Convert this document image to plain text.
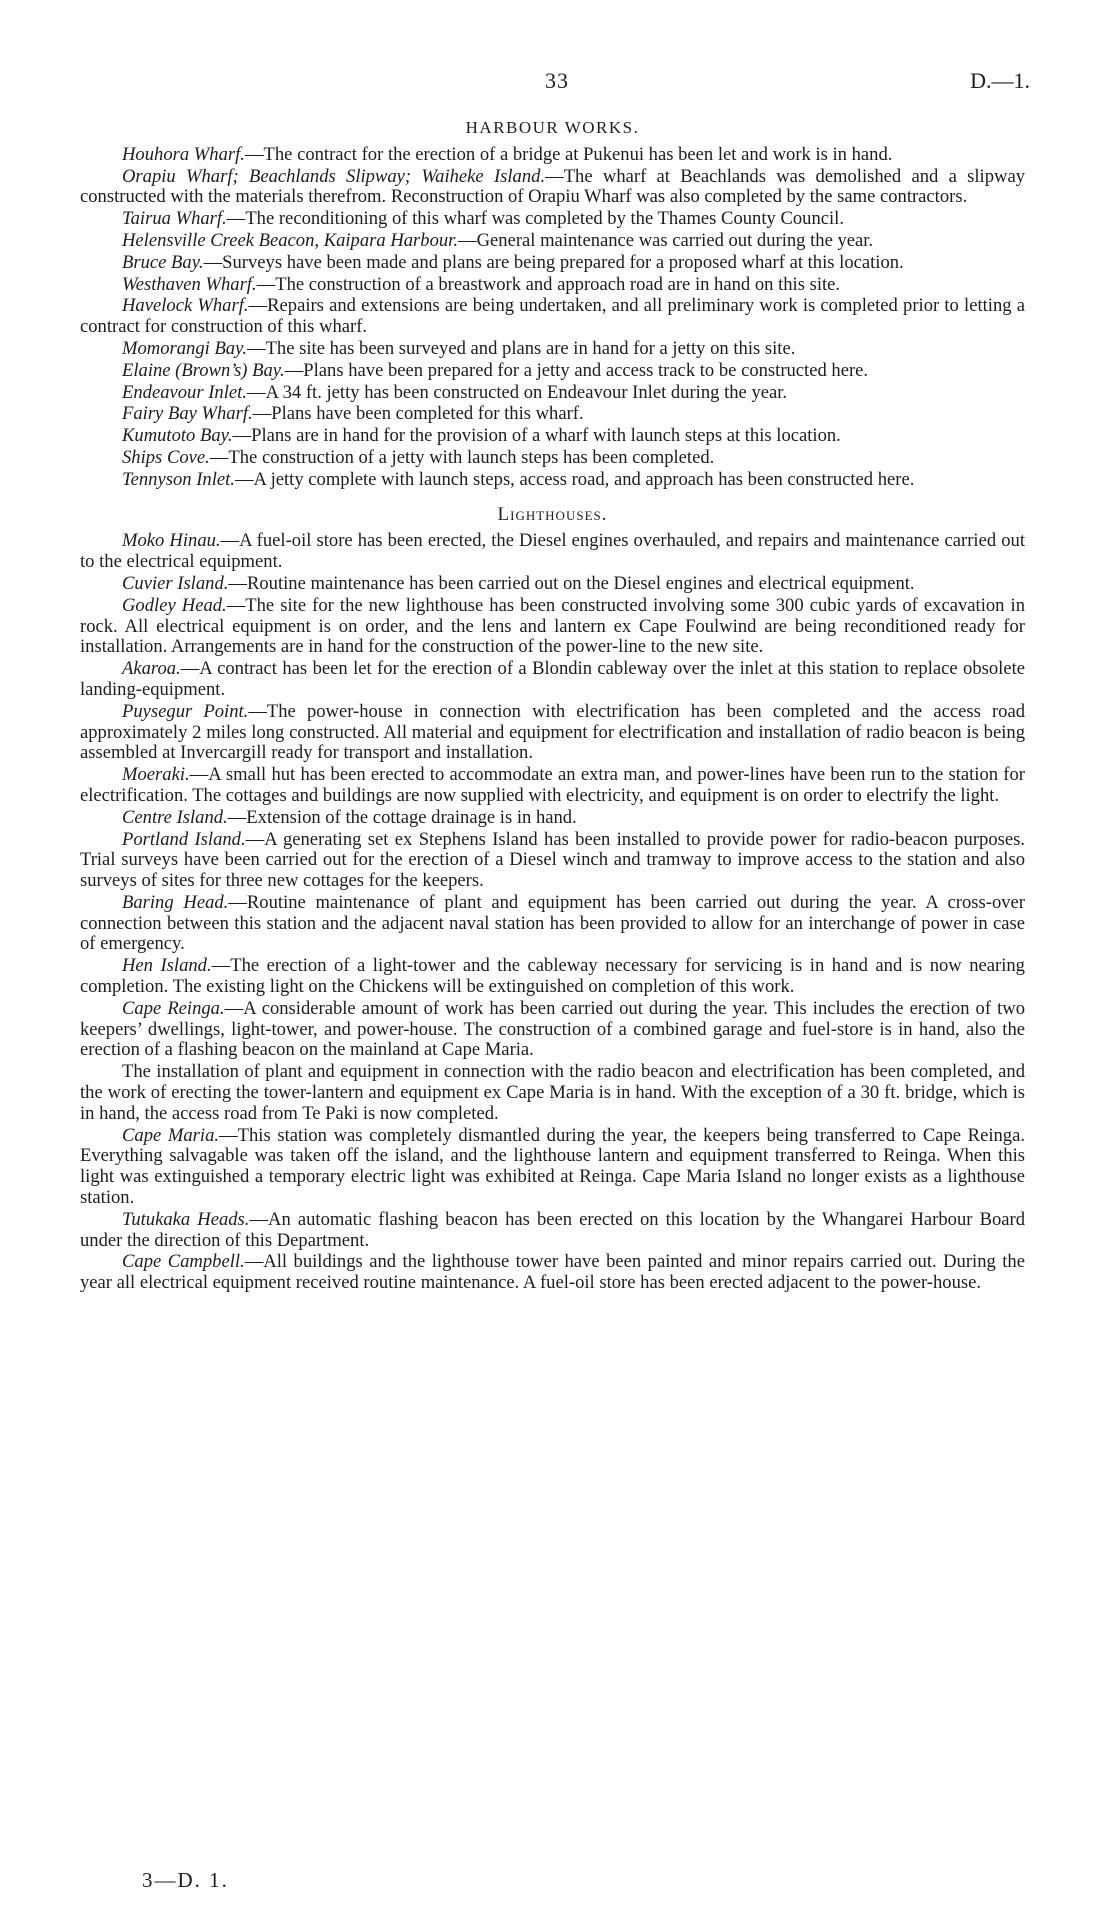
33	D.—1.
HARBOUR WORKS.

Houhora Wharf.—The contract for the erection of a bridge at Pukenui has been let and work is in hand.

Orapiu Wharf; Beachlands Slipway; Waiheke Island.—The wharf at Beachlands was demolished and a slipway constructed with the materials therefrom. Reconstruction of Orapiu Wharf was also completed by the same contractors.

Tairua Wharf.—The reconditioning of this wharf was completed by the Thames County Council.

Helensville Creek Beacon, Kaipara Harbour.—General maintenance was carried out during the year.

Bruce Bay.—Surveys have been made and plans are being prepared for a proposed wharf at this location.

Westhaven Wharf.—The construction of a breastwork and approach road are in hand on this site.

Havelock Wharf.—Repairs and extensions are being undertaken, and all preliminary work is completed prior to letting a contract for construction of this wharf.

Momorangi Bay.—The site has been surveyed and plans are in hand for a jetty on this site.

Elaine (Brown’s) Bay.—Plans have been prepared for a jetty and access track to be constructed here.

Endeavour Inlet.—A 34 ft. jetty has been constructed on Endeavour Inlet during the year.

Fairy Bay Wharf.—Plans have been completed for this wharf.

Kumutoto Bay.—Plans are in hand for the provision of a wharf with launch steps at this location.

Ships Cove.—The construction of a jetty with launch steps has been completed.

Tennyson Inlet.—A jetty complete with launch steps, access road, and approach has been constructed here.

Lighthouses.

Moko Hinau.—A fuel-oil store has been erected, the Diesel engines overhauled, and repairs and maintenance carried out to the electrical equipment.

Cuvier Island.—Routine maintenance has been carried out on the Diesel engines and electrical equipment.

Godley Head.—The site for the new lighthouse has been constructed involving some 300 cubic yards of excavation in rock. All electrical equipment is on order, and the lens and lantern ex Cape Foulwind are being reconditioned ready for installation. Arrangements are in hand for the construction of the power-line to the new site.

Akaroa.—A contract has been let for the erection of a Blondin cableway over the inlet at this station to replace obsolete landing-equipment.

Puysegur Point.—The power-house in connection with electrification has been completed and the access road approximately 2 miles long constructed. All material and equipment for electrification and installation of radio beacon is being assembled at Invercargill ready for transport and installation.

Moeraki.—A small hut has been erected to accommodate an extra man, and power-lines have been run to the station for electrification. The cottages and buildings are now supplied with electricity, and equipment is on order to electrify the light.

Centre Island.—Extension of the cottage drainage is in hand.

Portland Island.—A generating set ex Stephens Island has been installed to provide power for radio-beacon purposes. Trial surveys have been carried out for the erection of a Diesel winch and tramway to improve access to the station and also surveys of sites for three new cottages for the keepers.

Baring Head.—Routine maintenance of plant and equipment has been carried out during the year. A cross-over connection between this station and the adjacent naval station has been provided to allow for an interchange of power in case of emergency.

Hen Island.—The erection of a light-tower and the cableway necessary for servicing is in hand and is now nearing completion. The existing light on the Chickens will be extinguished on completion of this work.

Cape Reinga.—A considerable amount of work has been carried out during the year. This includes the erection of two keepers’ dwellings, light-tower, and power-house. The construction of a combined garage and fuel-store is in hand, also the erection of a flashing beacon on the mainland at Cape Maria.

The installation of plant and equipment in connection with the radio beacon and electrification has been completed, and the work of erecting the tower-lantern and equipment ex Cape Maria is in hand. With the exception of a 30 ft. bridge, which is in hand, the access road from Te Paki is now completed.

Cape Maria.—This station was completely dismantled during the year, the keepers being transferred to Cape Reinga. Everything salvagable was taken off the island, and the lighthouse lantern and equipment transferred to Reinga. When this light was extinguished a temporary electric light was exhibited at Reinga. Cape Maria Island no longer exists as a lighthouse station.

Tutukaka Heads.—An automatic flashing beacon has been erected on this location by the Whangarei Harbour Board under the direction of this Department.

Cape Campbell.—All buildings and the lighthouse tower have been painted and minor repairs carried out. During the year all electrical equipment received routine maintenance. A fuel-oil store has been erected adjacent to the power-house.

3—D. 1.
